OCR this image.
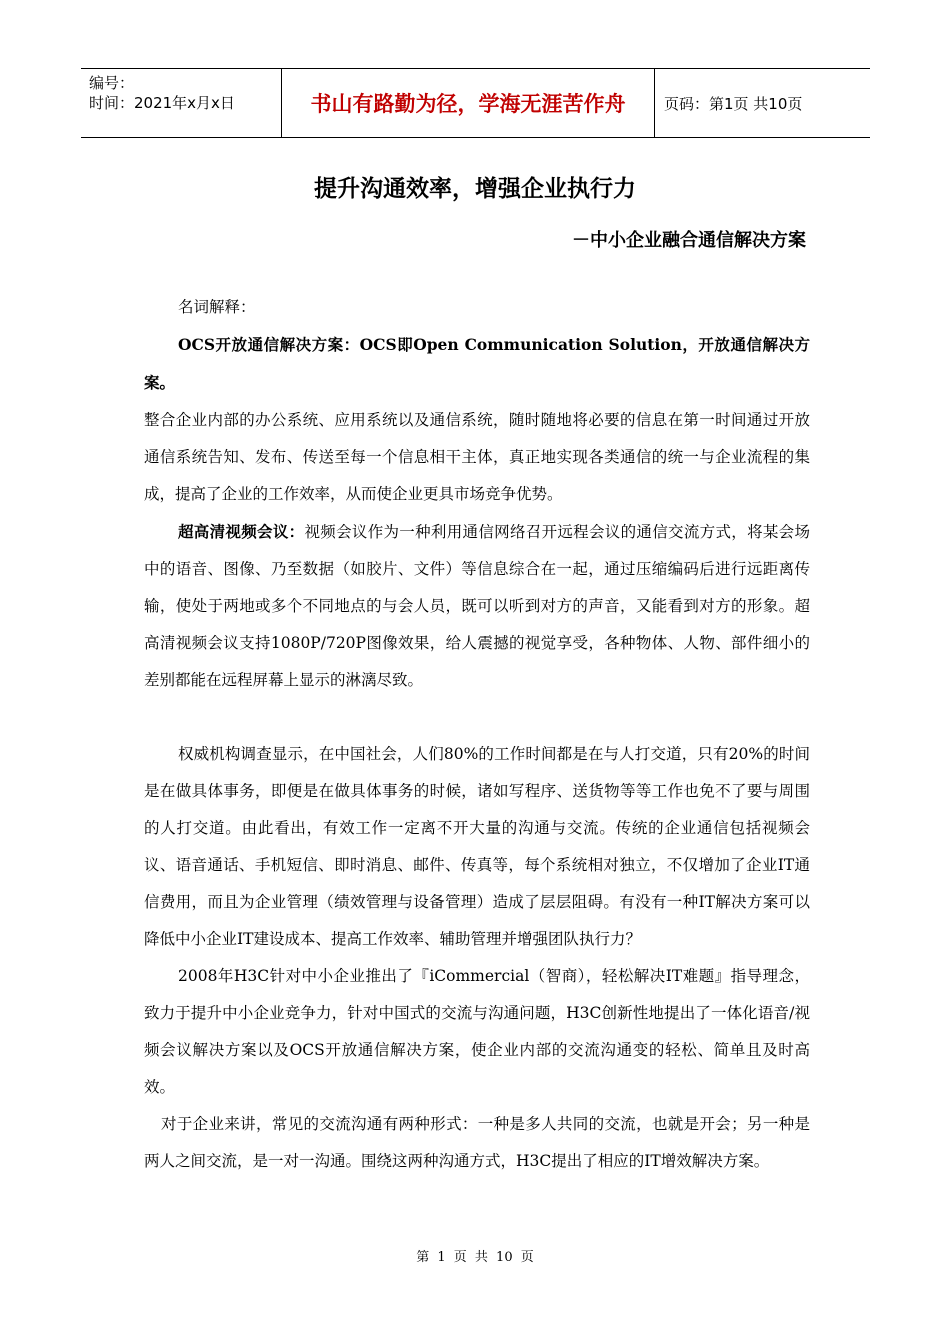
编号：
时间：2021年x月x日	书山有路勤为径，学海无涯苦作舟	页码：第1页 共10页
提升沟通效率，增强企业执行力
－中小企业融合通信解决方案

名词解释：

OCS开放通信解决方案：OCS即Open Communication Solution，开放通信解决方案。

整合企业内部的办公系统、应用系统以及通信系统，随时随地将必要的信息在第一时间通过开放通信系统告知、发布、传送至每一个信息相干主体，真正地实现各类通信的统一与企业流程的集成，提高了企业的工作效率，从而使企业更具市场竞争优势。

超高清视频会议：视频会议作为一种利用通信网络召开远程会议的通信交流方式，将某会场中的语音、图像、乃至数据（如胶片、文件）等信息综合在一起，通过压缩编码后进行远距离传输，使处于两地或多个不同地点的与会人员，既可以听到对方的声音，又能看到对方的形象。超高清视频会议支持1080P/720P图像效果，给人震撼的视觉享受，各种物体、人物、部件细小的差别都能在远程屏幕上显示的淋漓尽致。

权威机构调查显示，在中国社会，人们80%的工作时间都是在与人打交道，只有20%的时间是在做具体事务，即便是在做具体事务的时候，诸如写程序、送货物等等工作也免不了要与周围的人打交道。由此看出，有效工作一定离不开大量的沟通与交流。传统的企业通信包括视频会议、语音通话、手机短信、即时消息、邮件、传真等，每个系统相对独立，不仅增加了企业IT通信费用，而且为企业管理（绩效管理与设备管理）造成了层层阻碍。有没有一种IT解决方案可以降低中小企业IT建设成本、提高工作效率、辅助管理并增强团队执行力？

2008年H3C针对中小企业推出了『iCommercial（智商），轻松解决IT难题』指导理念，致力于提升中小企业竞争力，针对中国式的交流与沟通问题，H3C创新性地提出了一体化语音/视频会议解决方案以及OCS开放通信解决方案，使企业内部的交流沟通变的轻松、简单且及时高效。

对于企业来讲，常见的交流沟通有两种形式：一种是多人共同的交流，也就是开会；另一种是两人之间交流，是一对一沟通。围绕这两种沟通方式，H3C提出了相应的IT增效解决方案。

第 1 页 共 10 页
